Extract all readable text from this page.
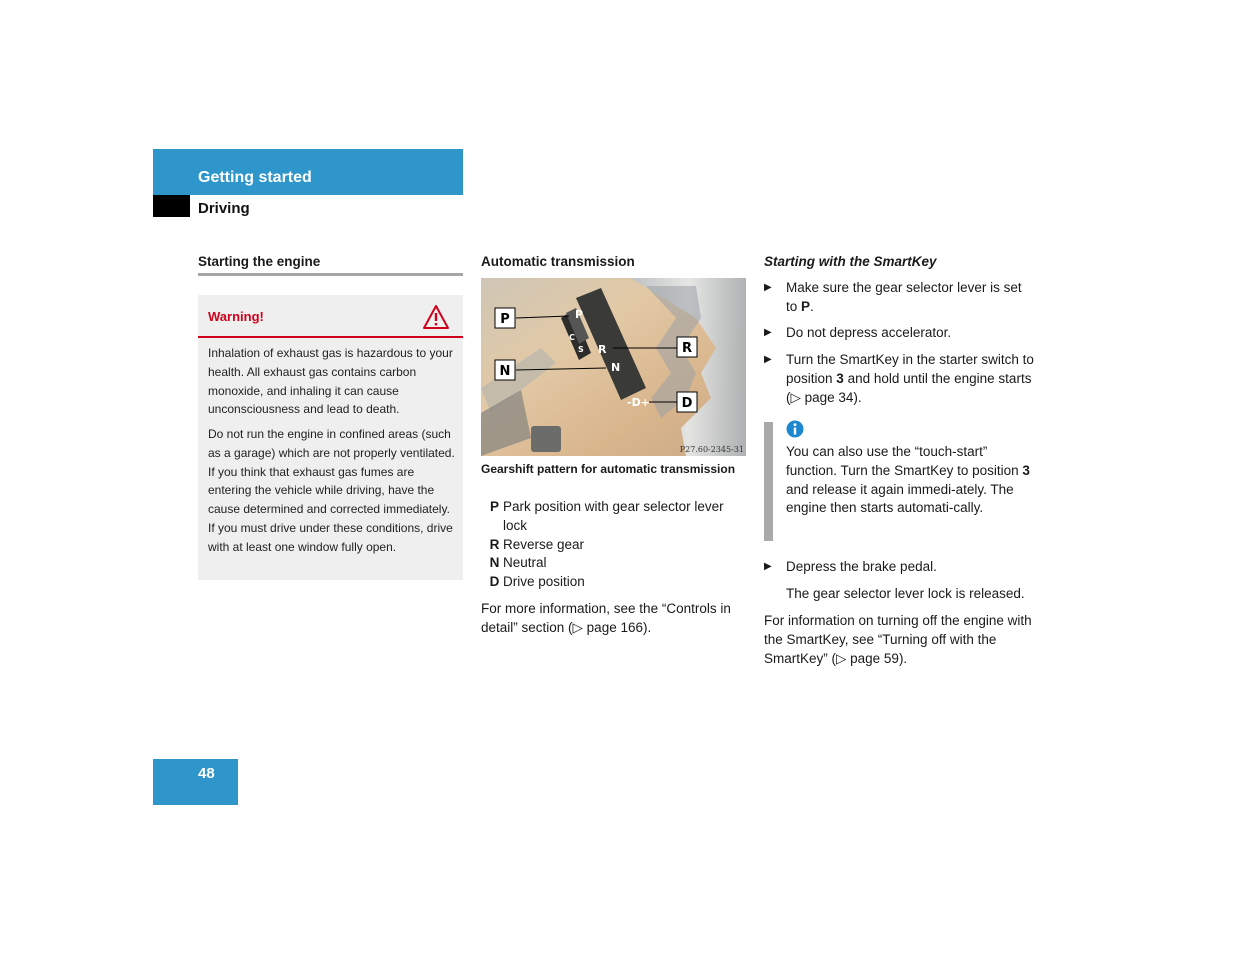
Getting started
Driving
Starting the engine
Warning!
Inhalation of exhaust gas is hazardous to your health. All exhaust gas contains carbon monoxide, and inhaling it can cause unconsciousness and lead to death.
Do not run the engine in confined areas (such as a garage) which are not properly ventilated. If you think that exhaust gas fumes are entering the vehicle while driving, have the cause determined and corrected immediately. If you must drive under these conditions, drive with at least one window fully open.
Automatic transmission
P
C
S R
N
-D+
P
N
R
D
P27.60-2345-31
Gearshift pattern for automatic transmission
P Park position with gear selector lever lock
R Reverse gear
N Neutral
D Drive position
For more information, see the “Controls in detail” section (▷ page 166).
Starting with the SmartKey
▶ Make sure the gear selector lever is set to P.
▶ Do not depress accelerator.
▶ Turn the SmartKey in the starter switch to position 3 and hold until the engine starts (▷ page 34).
You can also use the “touch-start” function. Turn the SmartKey to position 3 and release it again immedi-ately. The engine then starts automati-cally.
▶ Depress the brake pedal.
The gear selector lever lock is released.
For information on turning off the engine with the SmartKey, see “Turning off with the SmartKey” (▷ page 59).
48
